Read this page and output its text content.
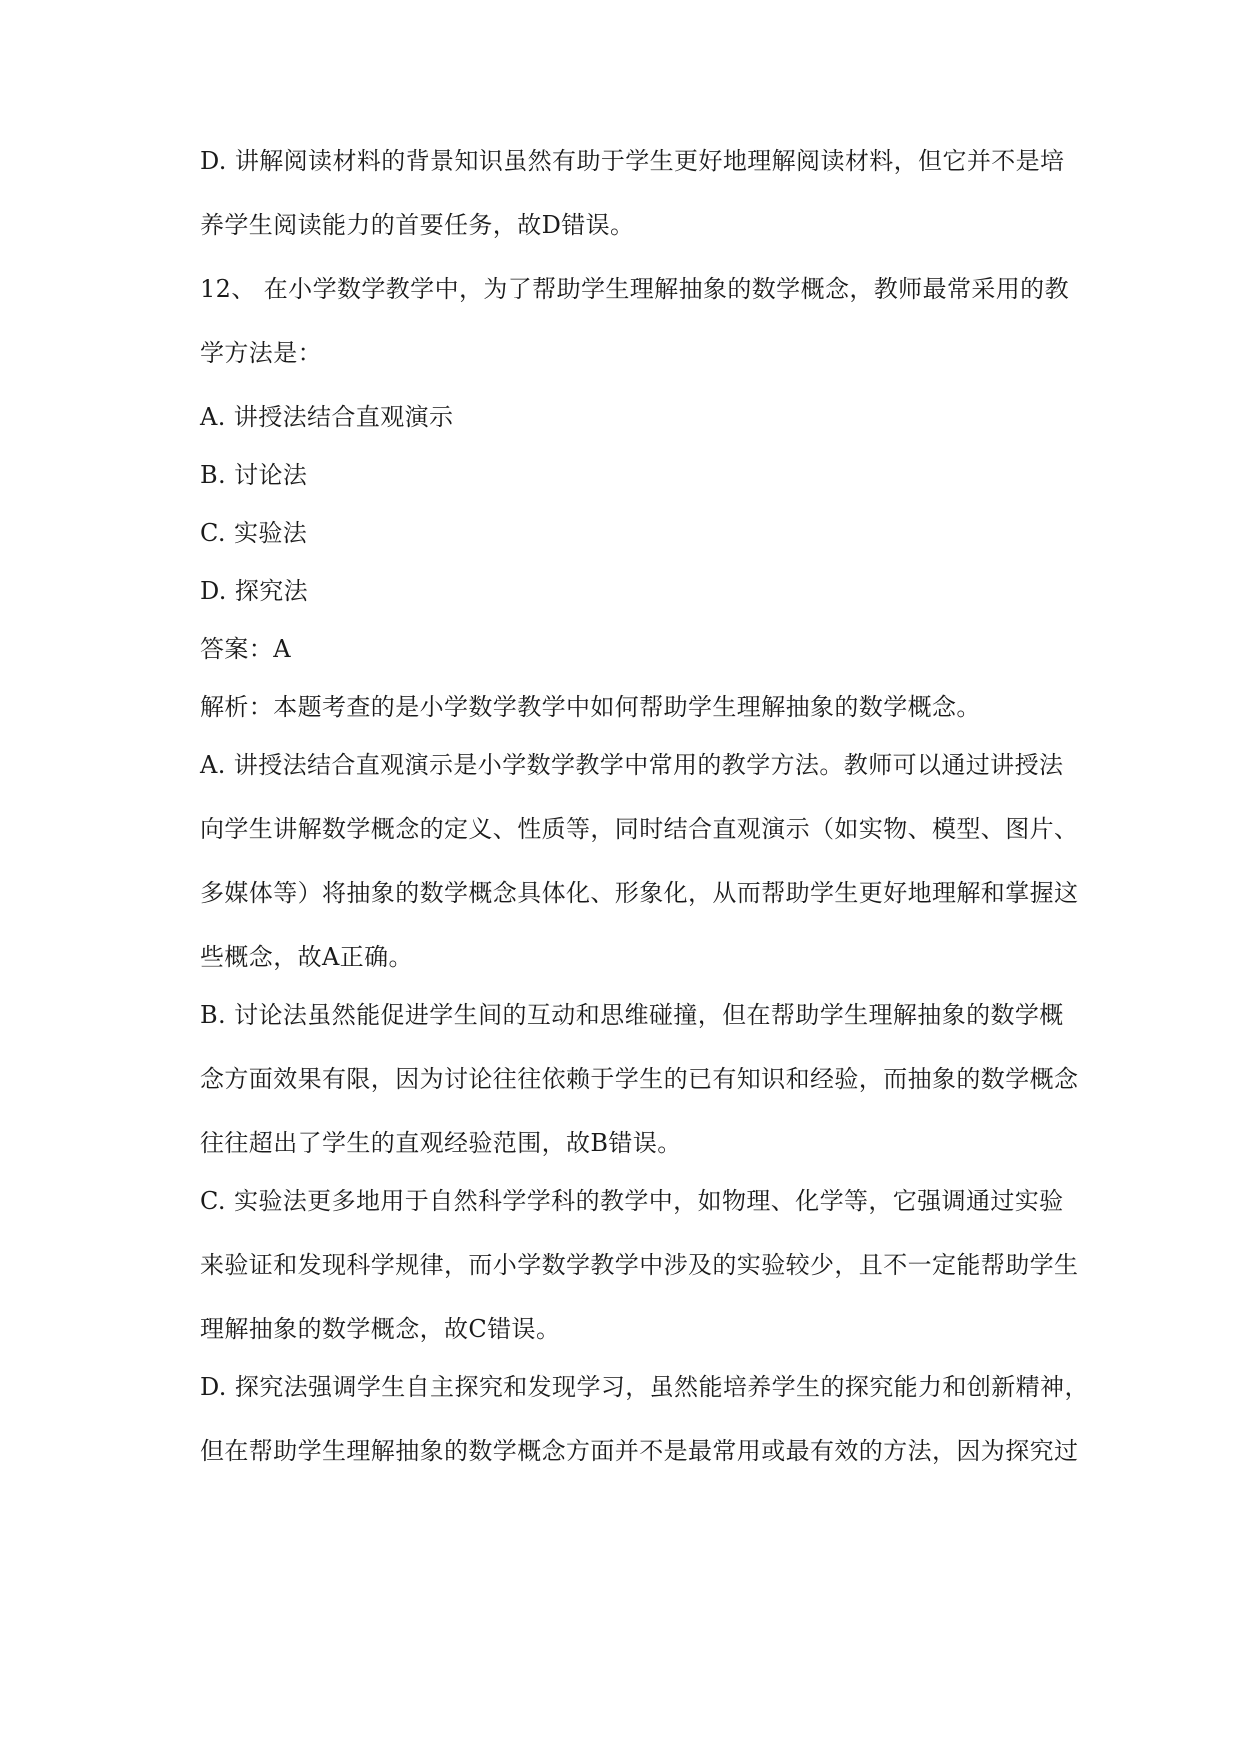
D. 讲解阅读材料的背景知识虽然有助于学生更好地理解阅读材料，但它并不是培
养学生阅读能力的首要任务，故D错误。
12、 在小学数学教学中，为了帮助学生理解抽象的数学概念，教师最常采用的教
学方法是：
A. 讲授法结合直观演示
B. 讨论法
C. 实验法
D. 探究法
答案：A
解析：本题考查的是小学数学教学中如何帮助学生理解抽象的数学概念。
A. 讲授法结合直观演示是小学数学教学中常用的教学方法。教师可以通过讲授法
向学生讲解数学概念的定义、性质等，同时结合直观演示（如实物、模型、图片、
多媒体等）将抽象的数学概念具体化、形象化，从而帮助学生更好地理解和掌握这
些概念，故A正确。
B. 讨论法虽然能促进学生间的互动和思维碰撞，但在帮助学生理解抽象的数学概
念方面效果有限，因为讨论往往依赖于学生的已有知识和经验，而抽象的数学概念
往往超出了学生的直观经验范围，故B错误。
C. 实验法更多地用于自然科学学科的教学中，如物理、化学等，它强调通过实验
来验证和发现科学规律，而小学数学教学中涉及的实验较少，且不一定能帮助学生
理解抽象的数学概念，故C错误。
D. 探究法强调学生自主探究和发现学习，虽然能培养学生的探究能力和创新精神，
但在帮助学生理解抽象的数学概念方面并不是最常用或最有效的方法，因为探究过
